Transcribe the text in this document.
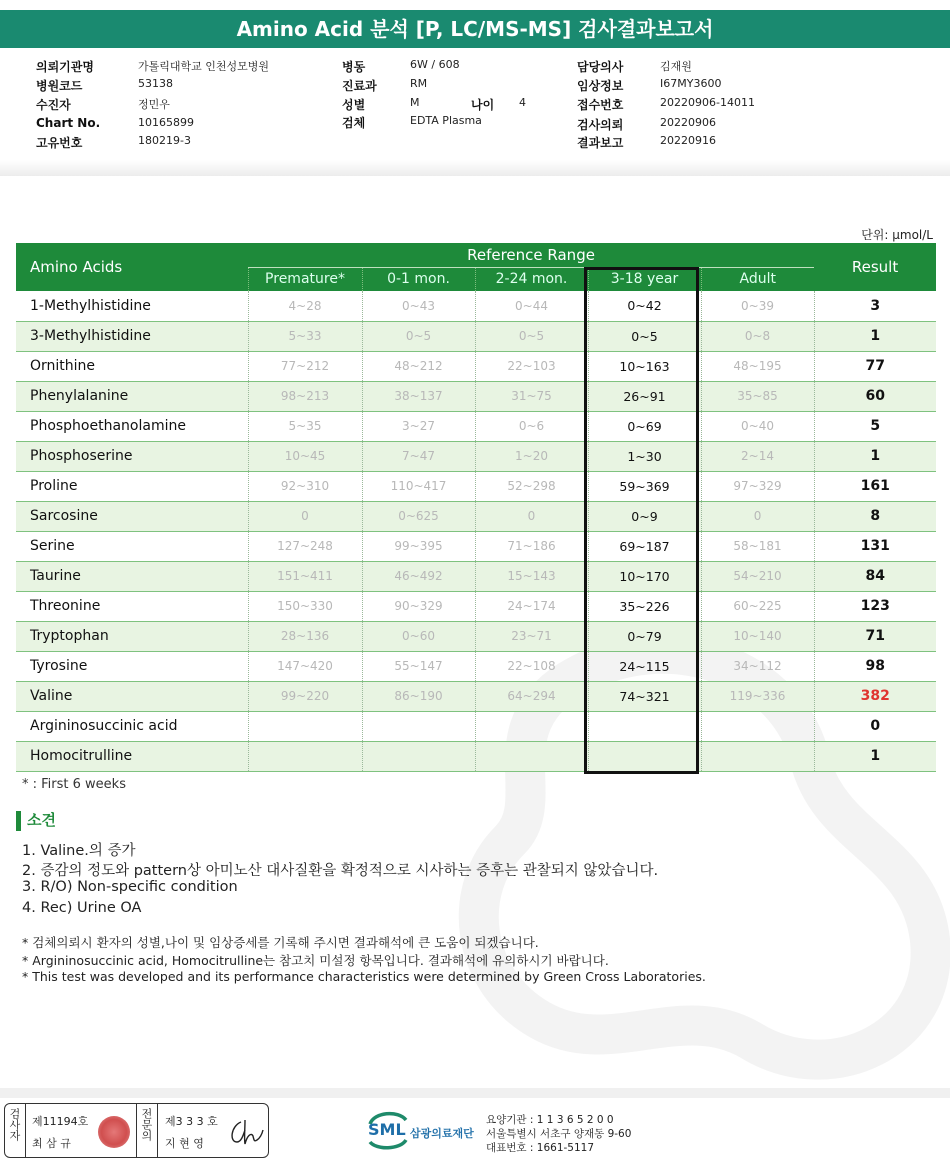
Amino Acid 분석 [P, LC/MS-MS] 검사결과보고서
의뢰기관명	가톨릭대학교 인천성모병원
병원코드	53138
수진자	정민우
Chart No.	10165899
고유번호	180219-3
병동	6W / 608
진료과	RM
성별	M	나이 4
검체	EDTA Plasma
담당의사	김재원
임상정보	I67MY3600
접수번호	20220906-14011
검사의뢰	20220906
결과보고	20220916
단위: μmol/L
Amino Acids	Reference Range					Result
	Premature*	0-1 mon.	2-24 mon.	3-18 year	Adult	
1-Methylhistidine	4~28	0~43	0~44	0~42	0~39	3
3-Methylhistidine	5~33	0~5	0~5	0~5	0~8	1
Ornithine	77~212	48~212	22~103	10~163	48~195	77
Phenylalanine	98~213	38~137	31~75	26~91	35~85	60
Phosphoethanolamine	5~35	3~27	0~6	0~69	0~40	5
Phosphoserine	10~45	7~47	1~20	1~30	2~14	1
Proline	92~310	110~417	52~298	59~369	97~329	161
Sarcosine	0	0~625	0	0~9	0	8
Serine	127~248	99~395	71~186	69~187	58~181	131
Taurine	151~411	46~492	15~143	10~170	54~210	84
Threonine	150~330	90~329	24~174	35~226	60~225	123
Tryptophan	28~136	0~60	23~71	0~79	10~140	71
Tyrosine	147~420	55~147	22~108	24~115	34~112	98
Valine	99~220	86~190	64~294	74~321	119~336	382
Argininosuccinic acid						0
Homocitrulline						1
* : First 6 weeks
소견
1. Valine.의 증가
2. 증감의 정도와 pattern상 아미노산 대사질환을 확정적으로 시사하는 증후는 관찰되지 않았습니다.
3. R/O) Non-specific condition
4. Rec) Urine OA
* 검체의뢰시 환자의 성별,나이 및 임상증세를 기록해 주시면 결과해석에 큰 도움이 되겠습니다.
* Argininosuccinic acid, Homocitrulline는 참고치 미설정 항목입니다. 결과해석에 유의하시기 바랍니다.
* This test was developed and its performance characteristics were determined by Green Cross Laboratories.
검사자 제11194호
최 삼 규
전문의 제3 3 3 호
지 현 영
SML 삼광의료재단
요양기관 : 1 1 3 6 5 2 0 0
서울특별시 서초구 양재동 9-60
대표번호 : 1661-5117
